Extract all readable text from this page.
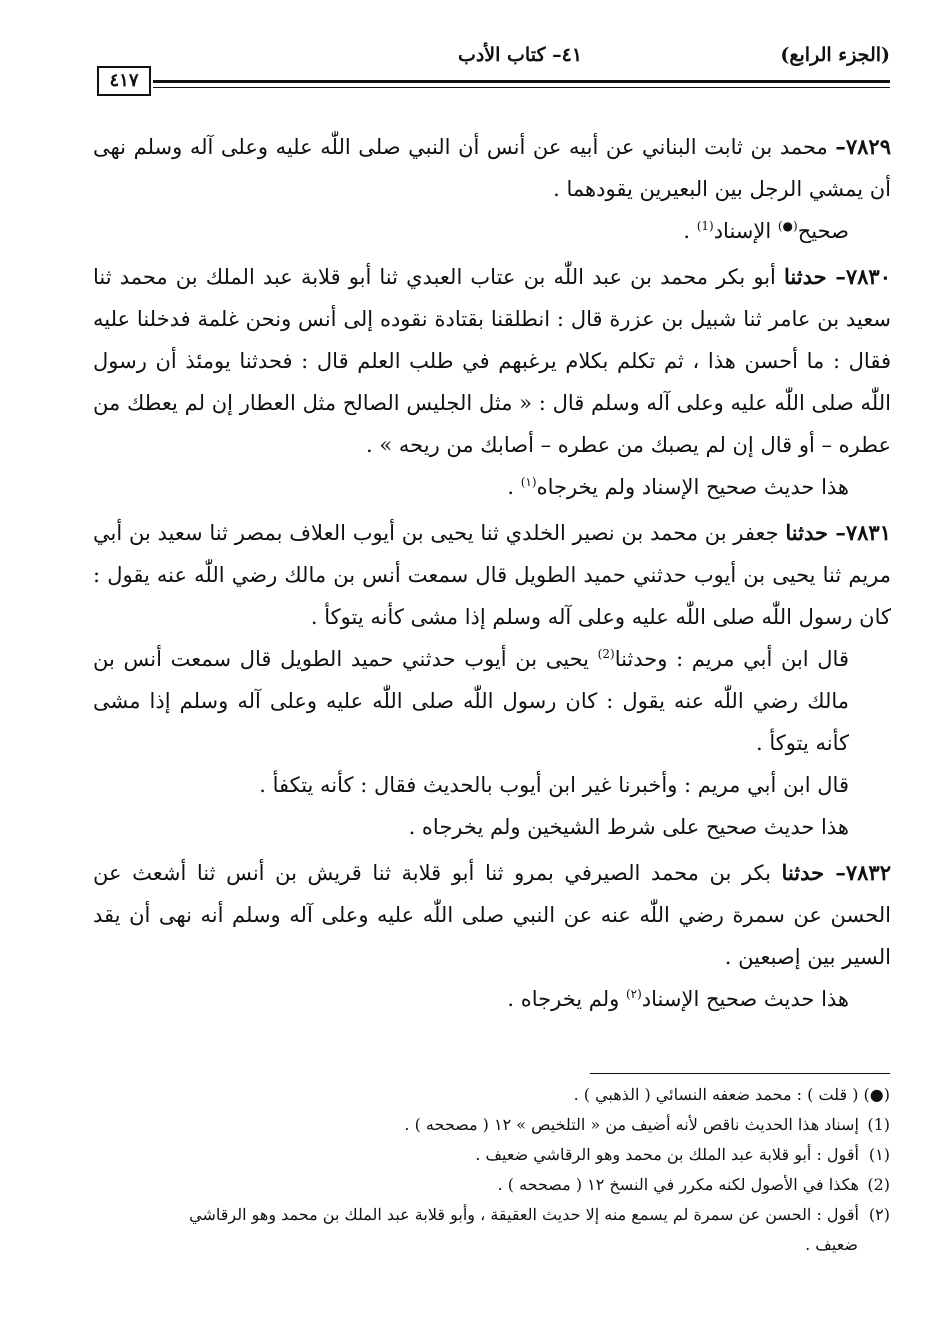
(الجزء الرابع)
٤١– كتاب الأدب
٤١٧

٧٨٢٩– محمد بن ثابت البناني عن أبيه عن أنس أن النبي صلى اللّٰه عليه وعلى آله وسلم نهى أن يمشي الرجل بين البعيرين يقودهما .

صحيح(●) الإسناد$^{(1)}$ .

٧٨٣٠– حدثنا أبو بكر محمد بن عبد اللّٰه بن عتاب العبدي ثنا أبو قلابة عبد الملك بن محمد ثنا سعيد بن عامر ثنا شبيل بن عزرة قال : انطلقنا بقتادة نقوده إلى أنس ونحن غلمة فدخلنا عليه فقال : ما أحسن هذا ، ثم تكلم بكلام يرغبهم في طلب العلم قال : فحدثنا يومئذ أن رسول اللّٰه صلى اللّٰه عليه وعلى آله وسلم قال : « مثل الجليس الصالح مثل العطار إن لم يعطك من عطره – أو قال إن لم يصبك من عطره – أصابك من ريحه » .

هذا حديث صحيح الإسناد ولم يخرجاه$^{(١)}$ .

٧٨٣١– حدثنا جعفر بن محمد بن نصير الخلدي ثنا يحيى بن أيوب العلاف بمصر ثنا سعيد بن أبي مريم ثنا يحيى بن أيوب حدثني حميد الطويل قال سمعت أنس بن مالك رضي اللّٰه عنه يقول : كان رسول اللّٰه صلى اللّٰه عليه وعلى آله وسلم إذا مشى كأنه يتوكأ .

قال ابن أبي مريم : وحدثنا$^{(2)}$ يحيى بن أيوب حدثني حميد الطويل قال سمعت أنس بن مالك رضي اللّٰه عنه يقول : كان رسول اللّٰه صلى اللّٰه عليه وعلى آله وسلم إذا مشى كأنه يتوكأ .

قال ابن أبي مريم : وأخبرنا غير ابن أيوب بالحديث فقال : كأنه يتكفأ .

هذا حديث صحيح على شرط الشيخين ولم يخرجاه .

٧٨٣٢– حدثنا بكر بن محمد الصيرفي بمرو ثنا أبو قلابة ثنا قريش بن أنس ثنا أشعث عن الحسن عن سمرة رضي اللّٰه عنه عن النبي صلى اللّٰه عليه وعلى آله وسلم أنه نهى أن يقد السير بين إصبعين .

هذا حديث صحيح الإسناد$^{(٢)}$ ولم يخرجاه .

(●) ( قلت ) : محمد ضعفه النسائي ( الذهبي ) .

(1) إسناد هذا الحديث ناقص لأنه أضيف من « التلخيص » ١٢ ( مصححه ) .

(١) أقول : أبو قلابة عبد الملك بن محمد وهو الرقاشي ضعيف .

(2) هكذا في الأصول لكنه مكرر في النسخ ١٢ ( مصححه ) .

(٢) أقول : الحسن عن سمرة لم يسمع منه إلا حديث العقيقة ، وأبو قلابة عبد الملك بن محمد وهو الرقاشي

ضعيف .
